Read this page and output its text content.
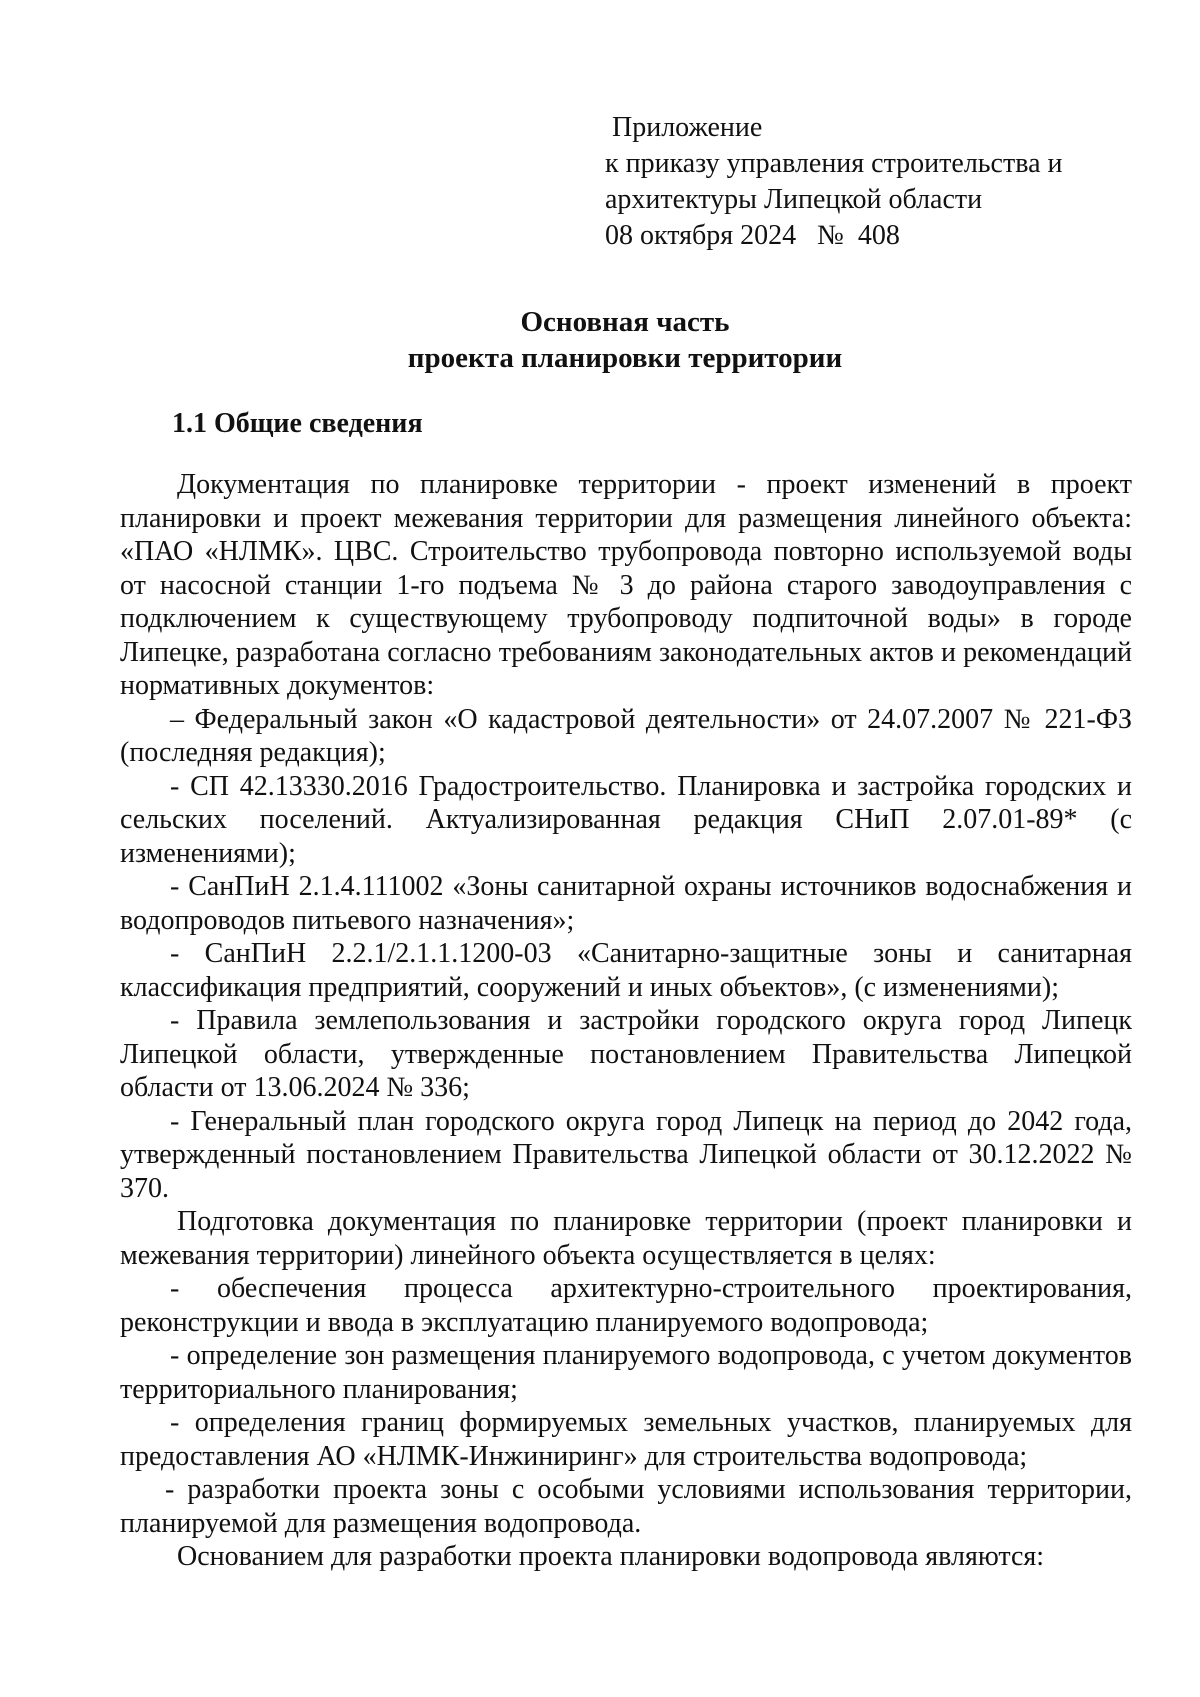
Приложение
к приказу управления строительства и
архитектуры Липецкой области
08 октября 2024   №  408
Основная часть
проекта планировки территории
1.1 Общие сведения

Документация по планировке территории - проект изменений в проект планировки и проект межевания территории для размещения линейного объекта: «ПАО «НЛМК». ЦВС. Строительство трубопровода повторно используемой воды от насосной станции 1-го подъема № 3 до района старого заводоуправления с подключением к существующему трубопроводу подпиточной воды» в городе Липецке, разработана согласно требованиям законодательных актов и рекомендаций нормативных документов:

– Федеральный закон «О кадастровой деятельности» от 24.07.2007 № 221-ФЗ (последняя редакция);

- СП 42.13330.2016 Градостроительство. Планировка и застройка городских и сельских поселений. Актуализированная редакция СНиП 2.07.01-89* (с изменениями);

- СанПиН 2.1.4.111002 «Зоны санитарной охраны источников водоснабжения и водопроводов питьевого назначения»;

- СанПиН 2.2.1/2.1.1.1200-03 «Санитарно-защитные зоны и санитарная классификация предприятий, сооружений и иных объектов», (с изменениями);

- Правила землепользования и застройки городского округа город Липецк Липецкой области, утвержденные постановлением Правительства Липецкой области от 13.06.2024 № 336;

- Генеральный план городского округа город Липецк на период до 2042 года, утвержденный постановлением Правительства Липецкой области от 30.12.2022 № 370.

Подготовка документация по планировке территории (проект планировки и межевания территории) линейного объекта осуществляется в целях:

- обеспечения процесса архитектурно-строительного проектирования, реконструкции и ввода в эксплуатацию планируемого водопровода;

- определение зон размещения планируемого водопровода, с учетом документов территориального планирования;

- определения границ формируемых земельных участков, планируемых для предоставления АО «НЛМК-Инжиниринг» для строительства водопровода;

- разработки проекта зоны с особыми условиями использования территории, планируемой для размещения водопровода.

Основанием для разработки проекта планировки водопровода являются:
